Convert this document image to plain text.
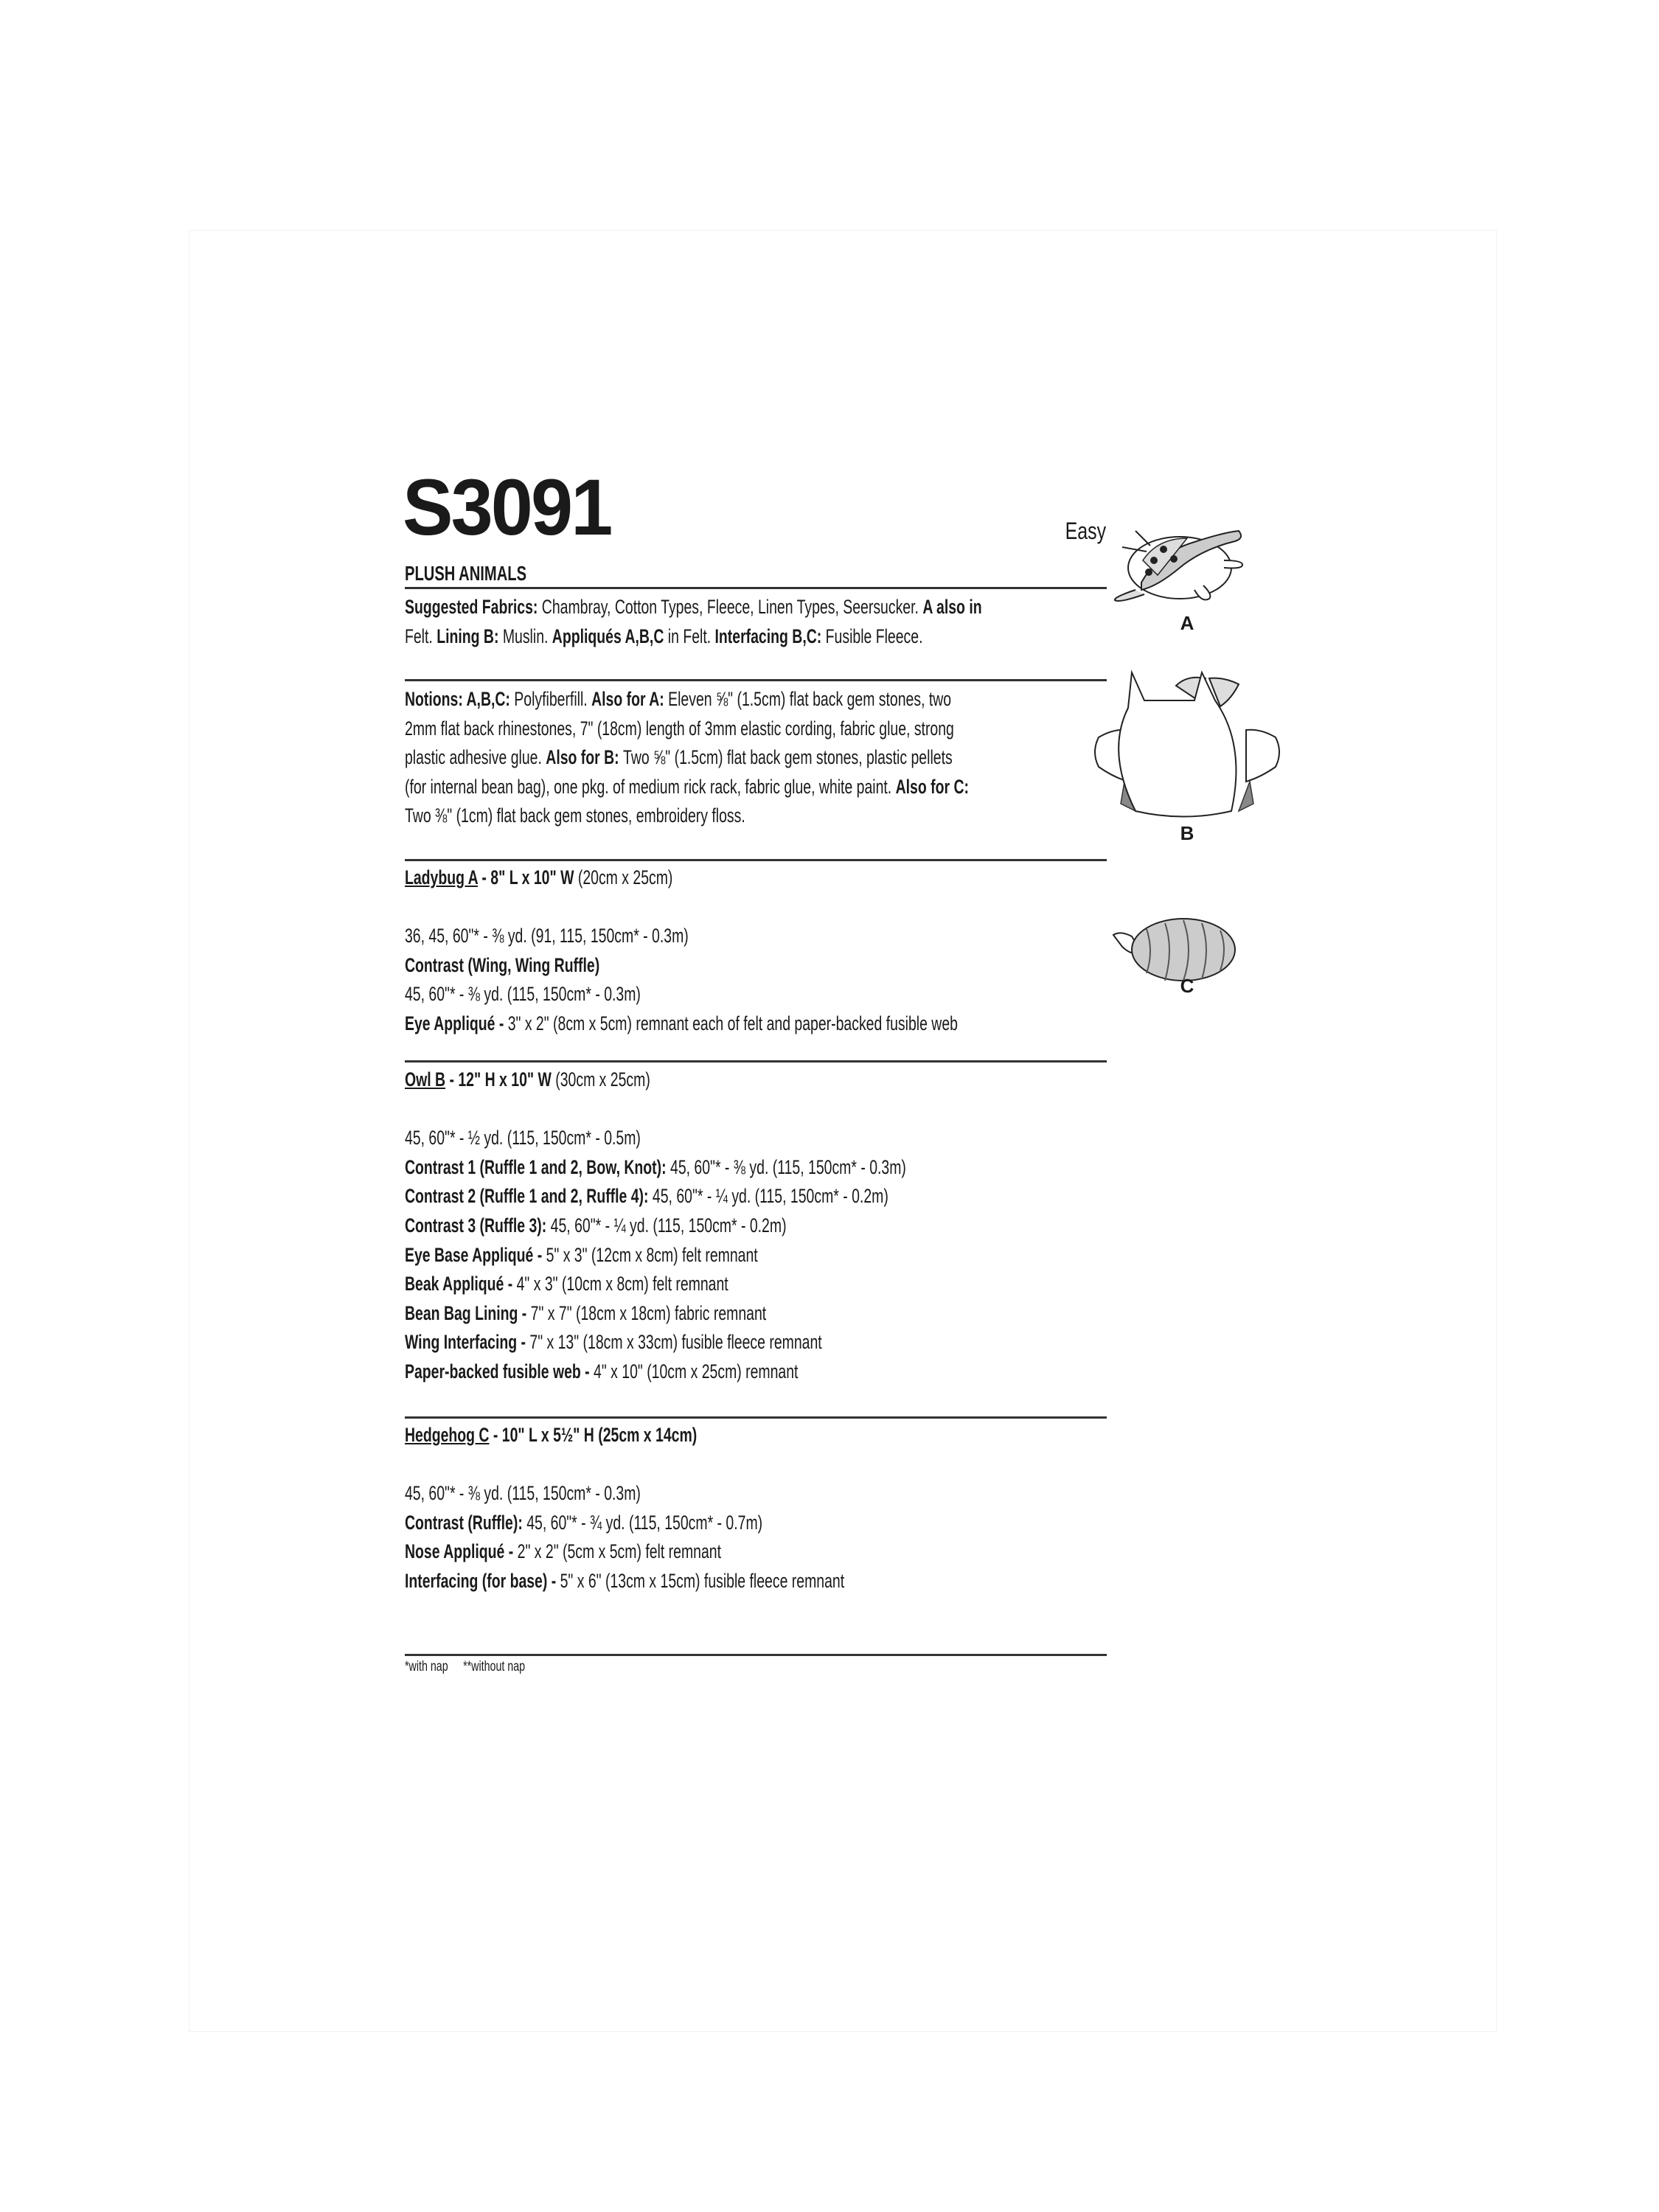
S3091	Easy
PLUSH ANIMALS
Suggested Fabrics: Chambray, Cotton Types, Fleece, Linen Types, Seersucker. A also in
Felt. Lining B: Muslin. Appliqués A,B,C in Felt. Interfacing B,C: Fusible Fleece.
Notions: A,B,C: Polyfiberfill. Also for A: Eleven ⅝" (1.5cm) flat back gem stones, two
2mm flat back rhinestones, 7" (18cm) length of 3mm elastic cording, fabric glue, strong
plastic adhesive glue. Also for B: Two ⅝" (1.5cm) flat back gem stones, plastic pellets
(for internal bean bag), one pkg. of medium rick rack, fabric glue, white paint. Also for C:
Two ⅜" (1cm) flat back gem stones, embroidery floss.
Ladybug A - 8" L x 10" W (20cm x 25cm)
36, 45, 60"* - ⅜ yd. (91, 115, 150cm* - 0.3m)
Contrast (Wing, Wing Ruffle)
45, 60"* - ⅜ yd. (115, 150cm* - 0.3m)
Eye Appliqué - 3" x 2" (8cm x 5cm) remnant each of felt and paper-backed fusible web
Owl B - 12" H x 10" W (30cm x 25cm)
45, 60"* - ½ yd. (115, 150cm* - 0.5m)
Contrast 1 (Ruffle 1 and 2, Bow, Knot): 45, 60"* - ⅜ yd. (115, 150cm* - 0.3m)
Contrast 2 (Ruffle 1 and 2, Ruffle 4): 45, 60"* - ¼ yd. (115, 150cm* - 0.2m)
Contrast 3 (Ruffle 3): 45, 60"* - ¼ yd. (115, 150cm* - 0.2m)
Eye Base Appliqué - 5" x 3" (12cm x 8cm) felt remnant
Beak Appliqué - 4" x 3" (10cm x 8cm) felt remnant
Bean Bag Lining - 7" x 7" (18cm x 18cm) fabric remnant
Wing Interfacing - 7" x 13" (18cm x 33cm) fusible fleece remnant
Paper-backed fusible web - 4" x 10" (10cm x 25cm) remnant
Hedgehog C - 10" L x 5½" H (25cm x 14cm)
45, 60"* - ⅜ yd. (115, 150cm* - 0.3m)
Contrast (Ruffle): 45, 60"* - ¾ yd. (115, 150cm* - 0.7m)
Nose Appliqué - 2" x 2" (5cm x 5cm) felt remnant
Interfacing (for base) - 5" x 6" (13cm x 15cm) fusible fleece remnant
*with nap **without nap
A
B
C
